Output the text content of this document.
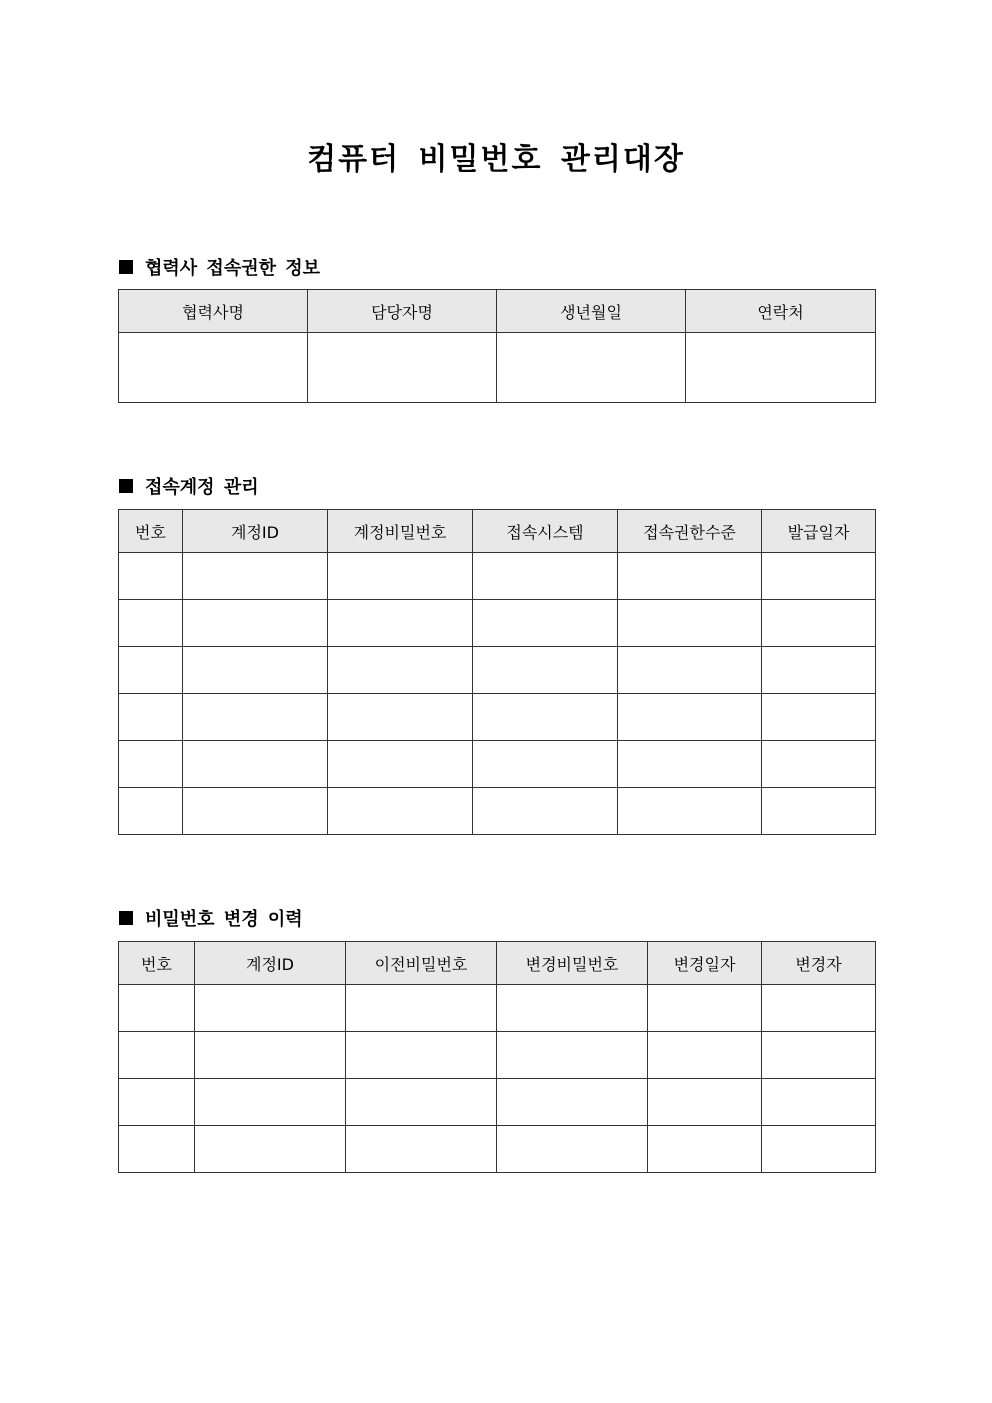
컴퓨터 비밀번호 관리대장
협력사 접속권한 정보
협력사명	담당자명	생년월일	연락처

접속계정 관리
번호	계정ID	계정비밀번호	접속시스템	접속권한수준	발급일자

비밀번호 변경 이력
번호	계정ID	이전비밀번호	변경비밀번호	변경일자	변경자
